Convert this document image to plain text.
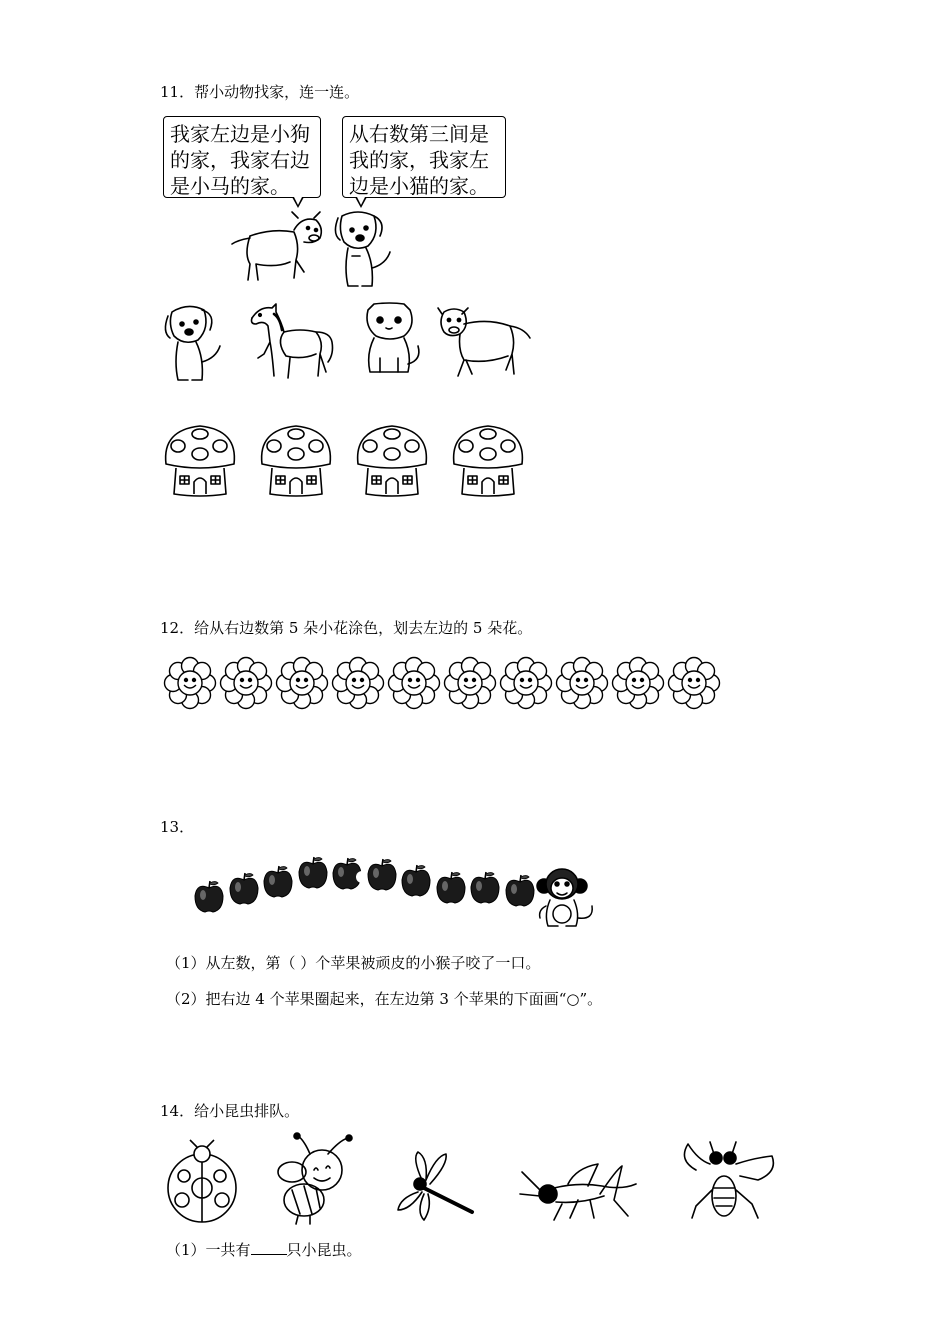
11．帮小动物找家，连一连。
我家左边是小狗
的家，我家右边
是小马的家。
从右数第三间是
我的家，我家左
边是小猫的家。
12．给从右边数第 5 朵小花涂色，划去左边的 5 朵花。
13．
（1）从左数，第（ ）个苹果被顽皮的小猴子咬了一口。
（2）把右边 4 个苹果圈起来，在左边第 3 个苹果的下面画“○”。
14．给小昆虫排队。
（1）一共有 只小昆虫。
